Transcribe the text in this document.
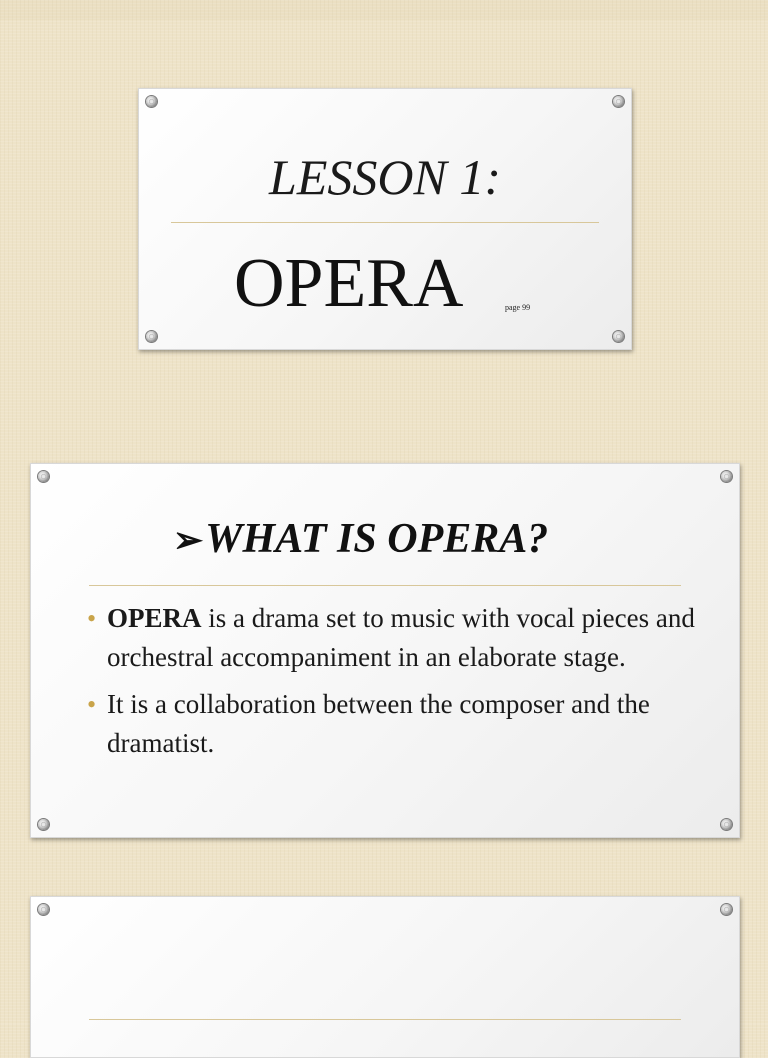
LESSON 1:
OPERA	page 99
➢WHAT IS OPERA?
• OPERA is a drama set to music with vocal pieces and orchestral accompaniment in an elaborate stage.
• It is a collaboration between the composer and the dramatist.
